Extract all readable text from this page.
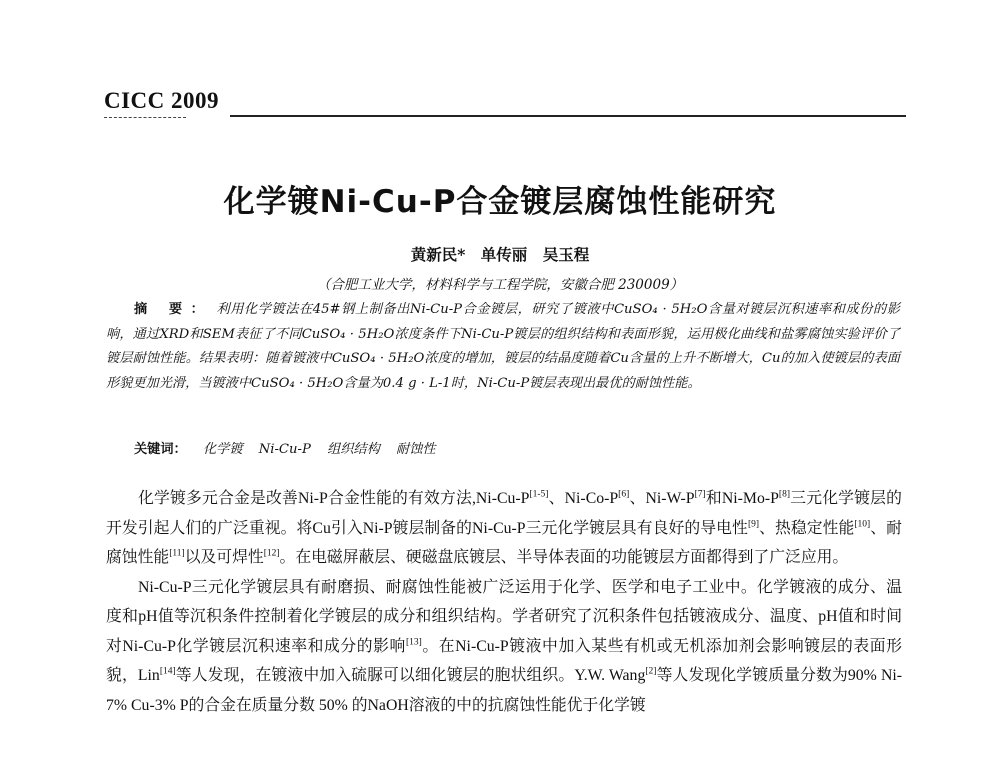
CICC 2009
化学镀Ni-Cu-P合金镀层腐蚀性能研究
黄新民* 单传丽 吴玉程
（合肥工业大学，材料科学与工程学院，安徽合肥 230009）
摘 要： 利用化学镀法在45#钢上制备出Ni-Cu-P合金镀层，研究了镀液中CuSO₄ · 5H₂O含量对镀层沉积速率和成份的影响，通过XRD和SEM表征了不同CuSO₄ · 5H₂O浓度条件下Ni-Cu-P镀层的组织结构和表面形貌，运用极化曲线和盐雾腐蚀实验评价了镀层耐蚀性能。结果表明：随着镀液中CuSO₄ · 5H₂O浓度的增加，镀层的结晶度随着Cu含量的上升不断增大，Cu的加入使镀层的表面形貌更加光滑，当镀液中CuSO₄ · 5H₂O含量为0.4 g · L-1时，Ni-Cu-P镀层表现出最优的耐蚀性能。
关键词： 化学镀 Ni-Cu-P 组织结构 耐蚀性

化学镀多元合金是改善Ni-P合金性能的有效方法,Ni-Cu-P[1-5]、Ni-Co-P[6]、Ni-W-P[7]和Ni-Mo-P[8]三元化学镀层的开发引起人们的广泛重视。将Cu引入Ni-P镀层制备的Ni-Cu-P三元化学镀层具有良好的导电性[9]、热稳定性能[10]、耐腐蚀性能[11]以及可焊性[12]。在电磁屏蔽层、硬磁盘底镀层、半导体表面的功能镀层方面都得到了广泛应用。

Ni-Cu-P三元化学镀层具有耐磨损、耐腐蚀性能被广泛运用于化学、医学和电子工业中。化学镀液的成分、温度和pH值等沉积条件控制着化学镀层的成分和组织结构。学者研究了沉积条件包括镀液成分、温度、pH值和时间对Ni-Cu-P化学镀层沉积速率和成分的影响[13]。在Ni-Cu-P镀液中加入某些有机或无机添加剂会影响镀层的表面形貌，Lin[14]等人发现，在镀液中加入硫脲可以细化镀层的胞状组织。Y.W. Wang[2]等人发现化学镀质量分数为90% Ni-7% Cu-3% P的合金在质量分数 50% 的NaOH溶液的中的抗腐蚀性能优于化学镀
